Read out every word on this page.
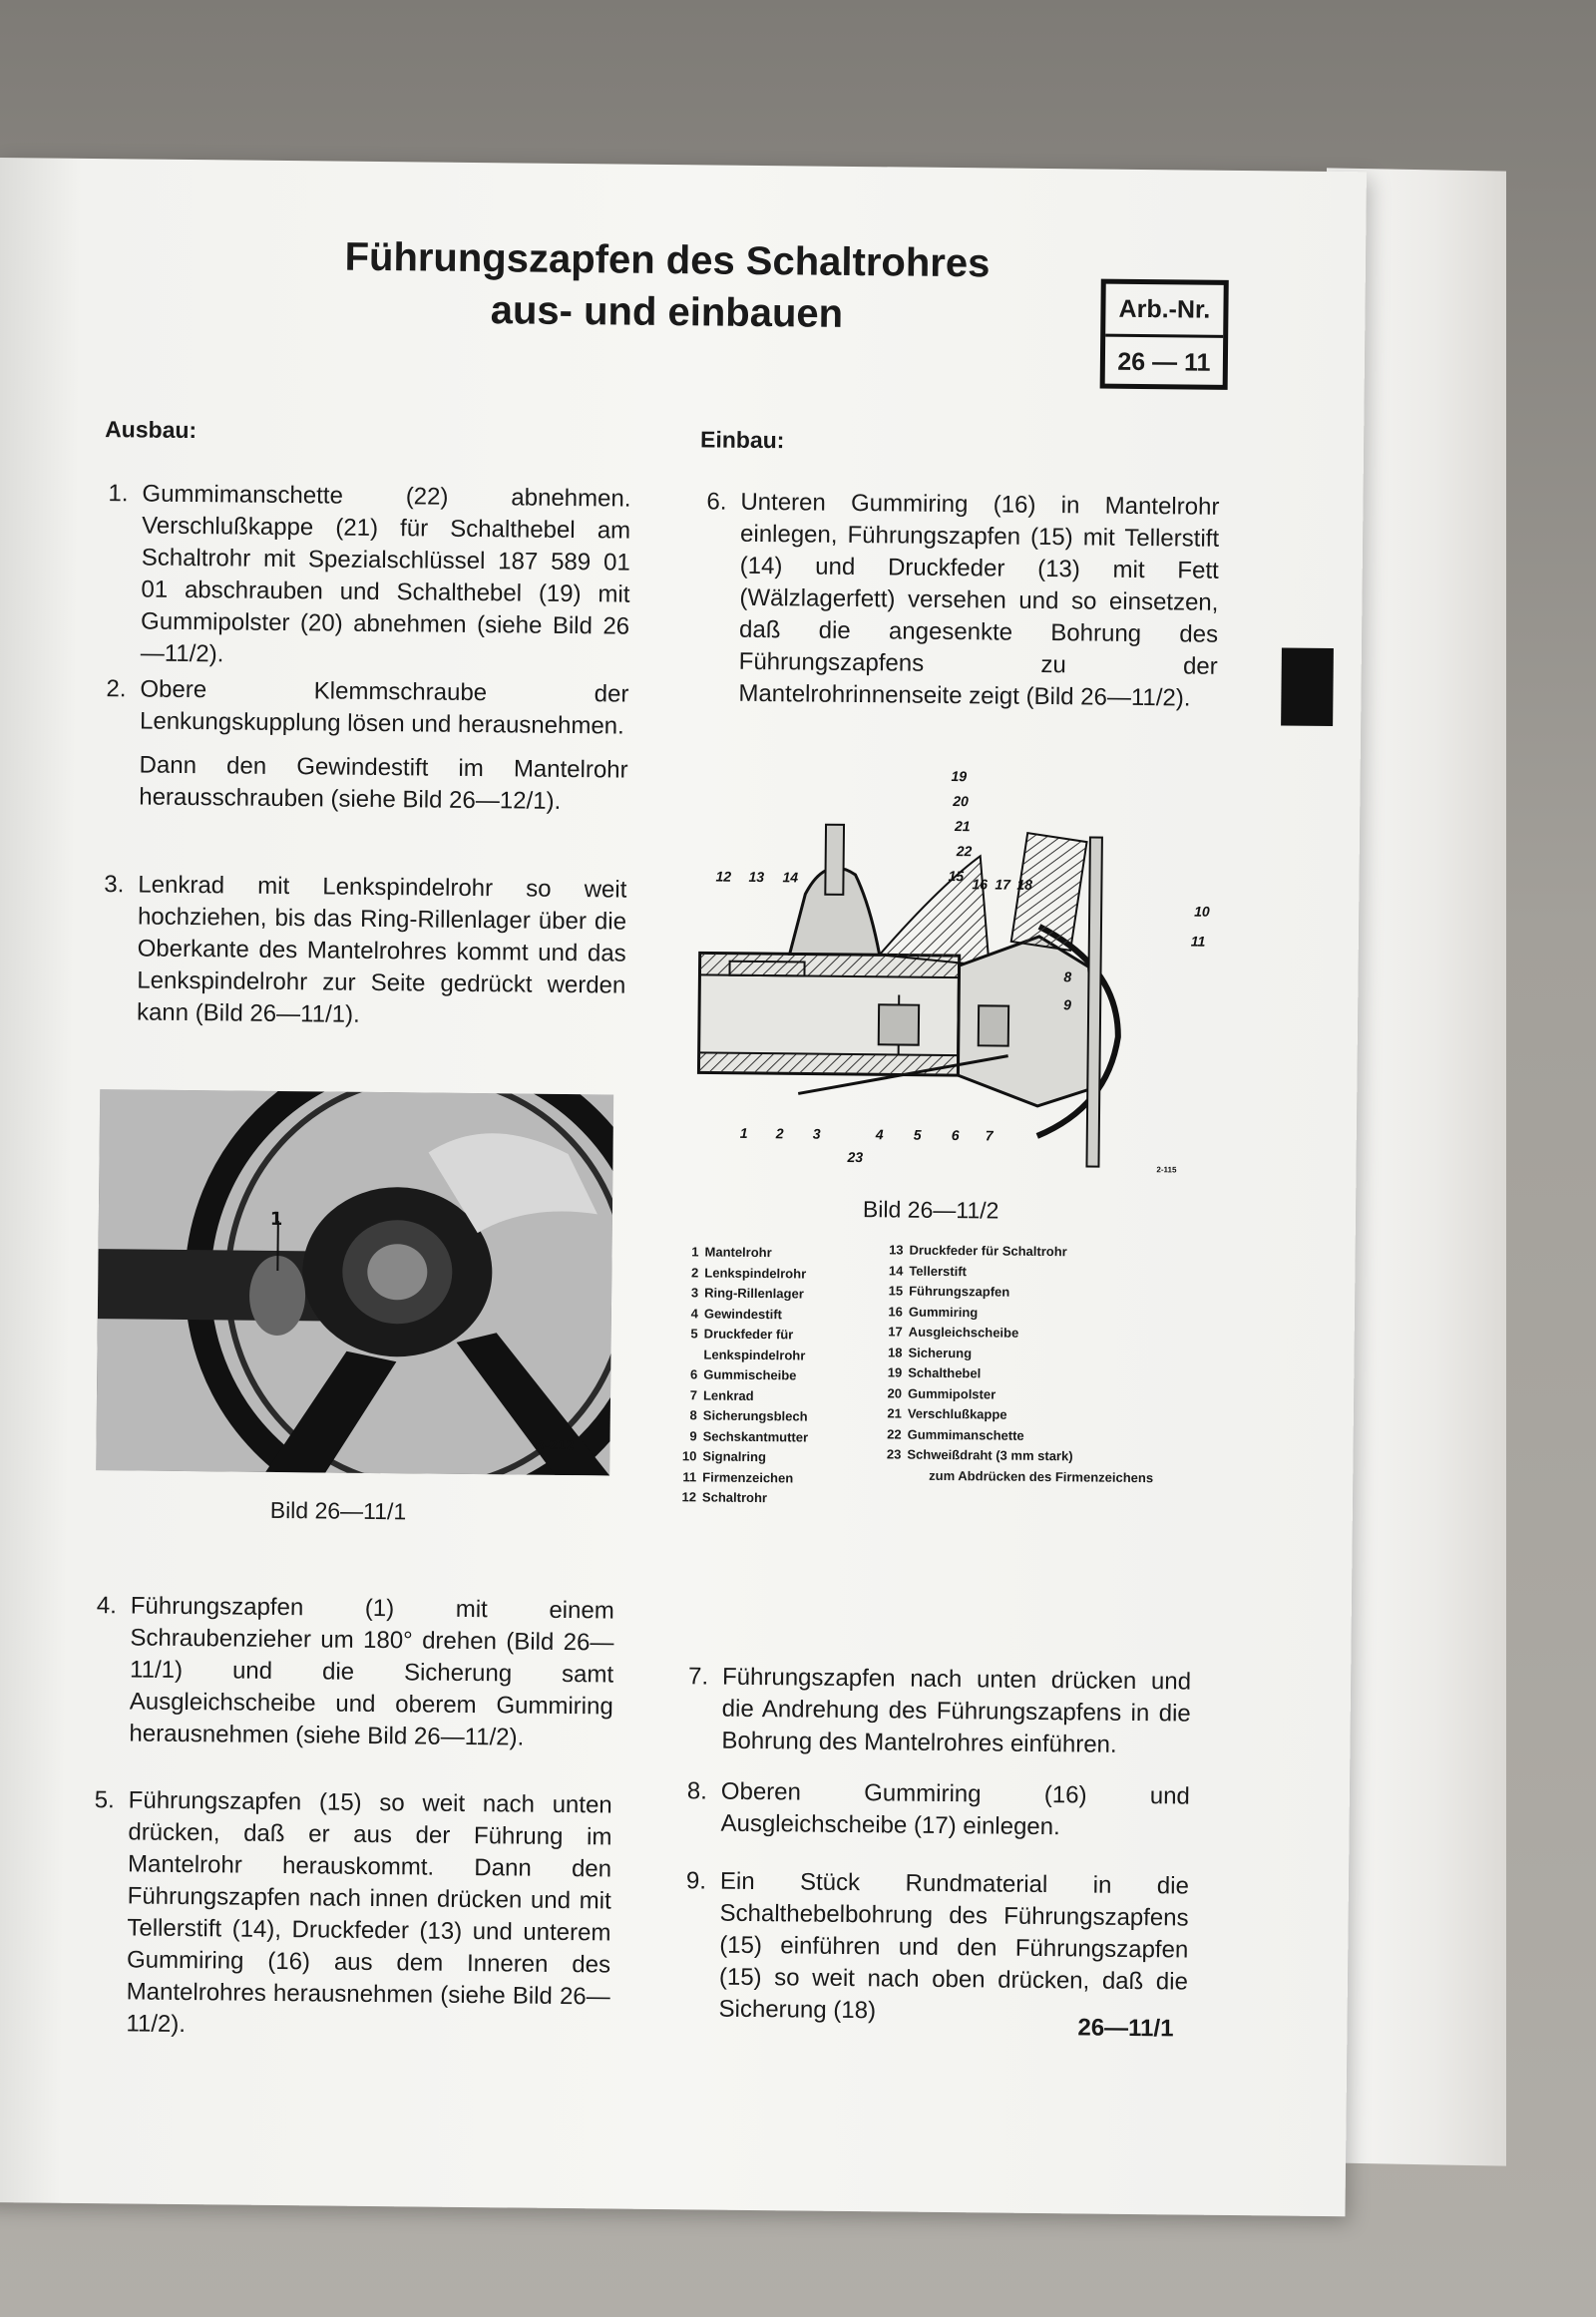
Führungszapfen des Schaltrohres
aus- und einbauen	Arb.-Nr.
26 — 11
Ausbau:
1. Gummimanschette (22) abnehmen. Verschlußkappe (21) für Schalthebel am Schaltrohr mit Spezialschlüssel 187 589 01 01 abschrauben und Schalthebel (19) mit Gummipolster (20) abnehmen (siehe Bild 26—11/2).

2. Obere Klemmschraube der Lenkungskupplung lösen und herausnehmen.

Dann den Gewindestift im Mantelrohr herausschrauben (siehe Bild 26—12/1).

3. Lenkrad mit Lenkspindelrohr so weit hochziehen, bis das Ring-Rillenlager über die Oberkante des Mantelrohres kommt und das Lenkspindelrohr zur Seite gedrückt werden kann (Bild 26—11/1).

1
R-212
Bild 26—11/1
4. Führungszapfen (1) mit einem Schraubenzieher um 180° drehen (Bild 26—11/1) und die Sicherung samt Ausgleichscheibe und oberem Gummiring herausnehmen (siehe Bild 26—11/2).

5. Führungszapfen (15) so weit nach unten drücken, daß er aus der Führung im Mantelrohr herauskommt. Dann den Führungszapfen nach innen drücken und mit Tellerstift (14), Druckfeder (13) und unterem Gummiring (16) aus dem Inneren des Mantelrohres herausnehmen (siehe Bild 26—11/2).

Einbau:
6. Unteren Gummiring (16) in Mantelrohr einlegen, Führungszapfen (15) mit Tellerstift (14) und Druckfeder (13) mit Fett (Wälzlagerfett) versehen und so einsetzen, daß die angesenkte Bohrung des Führungszapfens zu der Mantelrohrinnenseite zeigt (Bild 26—11/2).

19
20
21
22
15
16 17 18
12 13 14
10
11
8
9
1 2 3	4 5 6 7
23
2-115
Bild 26—11/2
1 Mantelrohr
2 Lenkspindelrohr
3 Ring-Rillenlager
4 Gewindestift
5 Druckfeder für
Lenkspindelrohr
6 Gummischeibe
7 Lenkrad
8 Sicherungsblech
9 Sechskantmutter
10 Signalring
11 Firmenzeichen
12 Schaltrohr
13 Druckfeder für Schaltrohr
14 Tellerstift
15 Führungszapfen
16 Gummiring
17 Ausgleichscheibe
18 Sicherung
19 Schalthebel
20 Gummipolster
21 Verschlußkappe
22 Gummimanschette
23 Schweißdraht (3 mm stark)
zum Abdrücken des Firmenzeichens
7. Führungszapfen nach unten drücken und die Andrehung des Führungszapfens in die Bohrung des Mantelrohres einführen.

8. Oberen Gummiring (16) und Ausgleichscheibe (17) einlegen.

9. Ein Stück Rundmaterial in die Schalthebelbohrung des Führungszapfens (15) einführen und den Führungszapfen (15) so weit nach oben drücken, daß die Sicherung (18)

26—11/1
